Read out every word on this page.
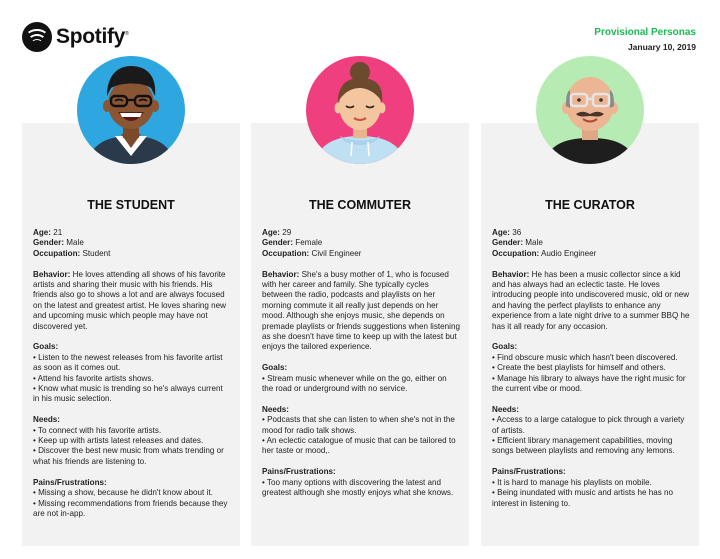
Spotify®	Provisional Personas
January 10, 2019
THE STUDENT	THE COMMUTER	THE CURATOR
Age: 21
Gender: Male
Occupation: Student
Behavior: He loves attending all shows of his favorite artists and sharing their music with his friends. His friends also go to shows a lot and are always focused on the latest and greatest artist. He loves sharing new and upcoming music which people may have not discovered yet.
Goals:
• Listen to the newest releases from his favorite artist as soon as it comes out.
• Attend his favorite artists shows.
• Know what music is trending so he's always current in his music selection.
Needs:
• To connect with his favorite artists.
• Keep up with artists latest releases and dates.
• Discover the best new music from whats trending or what his friends are listening to.
Pains/Frustrations:
• Missing a show, because he didn't know about it.
• Missing recommendations from friends because they are not in-app.
Age: 29
Gender: Female
Occupation: Civil Engineer
Behavior: She's a busy mother of 1, who is focused with her career and family. She typically cycles between the radio, podcasts and playlists on her morning commute it all really just depends on her mood. Although she enjoys music, she depends on premade playlists or friends suggestions when listening as she doesn't have time to keep up with the latest but enjoys the tailored experience.
Goals:
• Stream music whenever while on the go, either on the road or underground with no service.
Needs:
• Podcasts that she can listen to when she's not in the mood for radio talk shows.
• An eclectic catalogue of music that can be tailored to her taste or mood,.
Pains/Frustrations:
• Too many options with discovering the latest and greatest although she mostly enjoys what she knows.
Age: 36
Gender: Male
Occupation: Audio Engineer
Behavior: He has been a music collector since a kid and has always had an eclectic taste. He loves introducing people into undiscovered music, old or new and having the perfect playlists to enhance any experience from a late night drive to a summer BBQ he has it all ready for any occasion.
Goals:
• Find obscure music which hasn't been discovered.
• Create the best playlists for himself and others.
• Manage his library to always have the right music for the current vibe or mood.
Needs:
• Access to a large catalogue to pick through a variety of artists.
• Efficient library management capabilities, moving songs between playlists and removing any lemons.
Pains/Frustrations:
• It is hard to manage his playlists on mobile.
• Being inundated with music and artists he has no interest in listening to.
